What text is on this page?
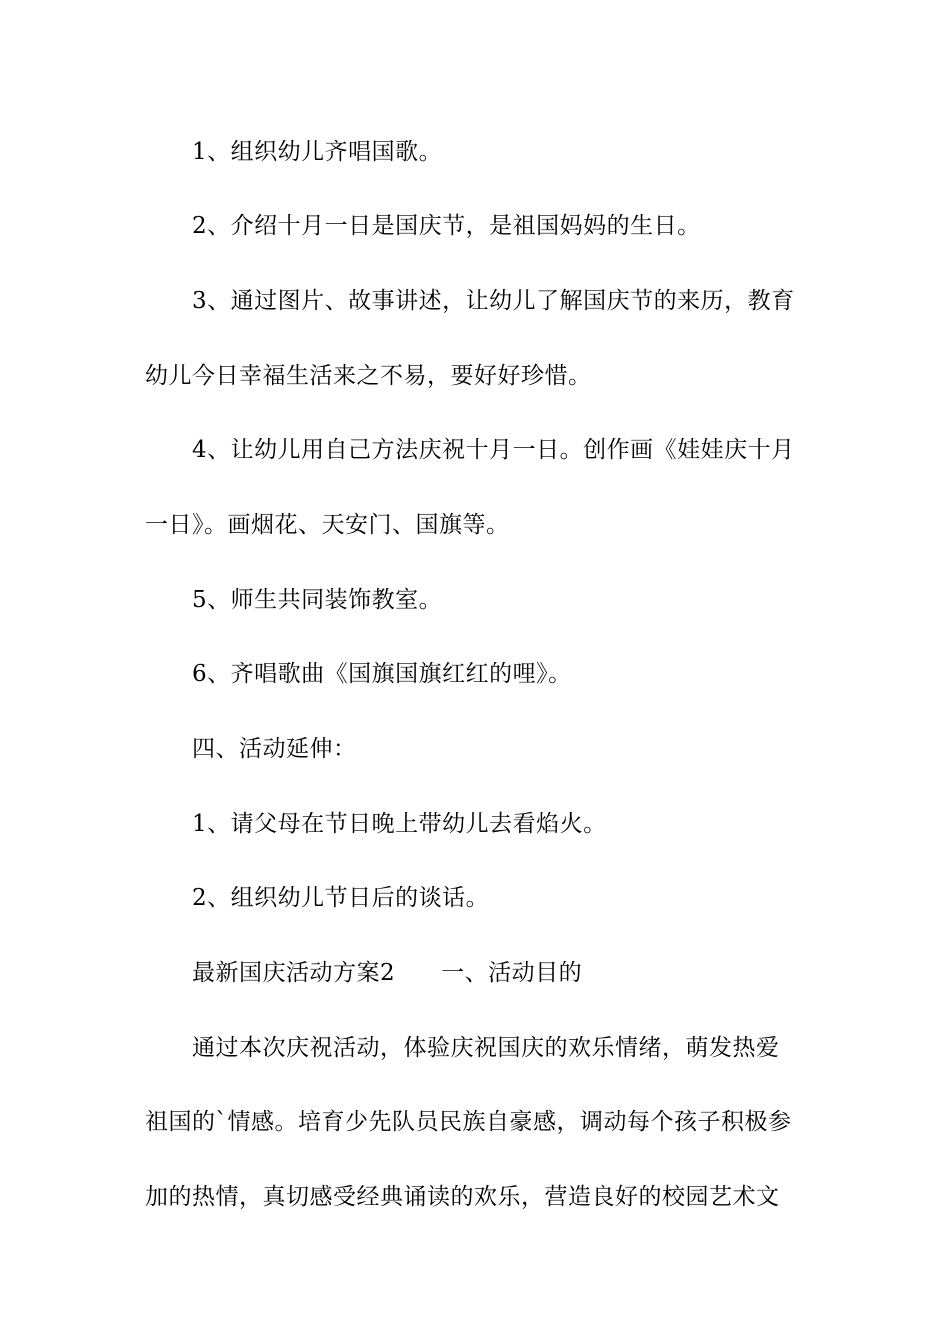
1、组织幼儿齐唱国歌。
2、介绍十月一日是国庆节，是祖国妈妈的生日。
3、通过图片、故事讲述，让幼儿了解国庆节的来历，教育
幼儿今日幸福生活来之不易，要好好珍惜。
4、让幼儿用自己方法庆祝十月一日。创作画《娃娃庆十月
一日》。画烟花、天安门、国旗等。
5、师生共同装饰教室。
6、齐唱歌曲《国旗国旗红红的哩》。
四、活动延伸：
1、请父母在节日晚上带幼儿去看焰火。
2、组织幼儿节日后的谈话。
最新国庆活动方案2 一、活动目的
通过本次庆祝活动，体验庆祝国庆的欢乐情绪，萌发热爱
祖国的`情感。培育少先队员民族自豪感，调动每个孩子积极参
加的热情，真切感受经典诵读的欢乐，营造良好的校园艺术文
